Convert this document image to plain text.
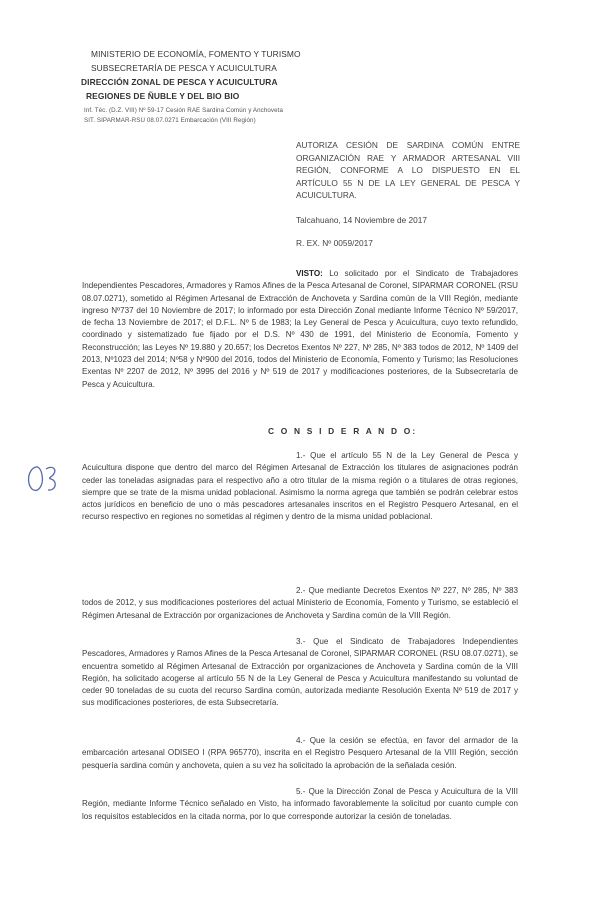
MINISTERIO DE ECONOMÍA, FOMENTO Y TURISMO
SUBSECRETARÍA DE PESCA Y ACUICULTURA
DIRECCIÓN ZONAL DE PESCA Y ACUICULTURA
REGIONES DE ÑUBLE Y DEL BIO BIO
Inf. Téc. (D.Z. VIII) Nº 59-17 Cesión RAE Sardina Común y Anchoveta
SIT. SIPARMAR-RSU 08.07.0271 Embarcación (VIII Región)
AUTORIZA CESIÓN DE SARDINA COMÚN ENTRE ORGANIZACIÓN RAE Y ARMADOR ARTESANAL VIII REGIÓN, CONFORME A LO DISPUESTO EN EL ARTÍCULO 55 N DE LA LEY GENERAL DE PESCA Y ACUICULTURA.
Talcahuano, 14 Noviembre de 2017
R. EX. Nº 0059/2017
VISTO: Lo solicitado por el Sindicato de Trabajadores Independientes Pescadores, Armadores y Ramos Afines de la Pesca Artesanal de Coronel, SIPARMAR CORONEL (RSU 08.07.0271), sometido al Régimen Artesanal de Extracción de Anchoveta y Sardina común de la VIII Región, mediante ingreso Nº737 del 10 Noviembre de 2017; lo informado por esta Dirección Zonal mediante Informe Técnico Nº 59/2017, de fecha 13 Noviembre de 2017; el D.F.L. Nº 5 de 1983; la Ley General de Pesca y Acuicultura, cuyo texto refundido, coordinado y sistematizado fue fijado por el D.S. Nº 430 de 1991, del Ministerio de Economía, Fomento y Reconstrucción; las Leyes Nº 19.880 y 20.657; los Decretos Exentos Nº 227, Nº 285, Nº 383 todos de 2012, Nº 1409 del 2013, Nº1023 del 2014; Nº58 y Nº900 del 2016, todos del Ministerio de Economía, Fomento y Turismo; las Resoluciones Exentas Nº 2207 de 2012, Nº 3995 del 2016 y Nº 519 de 2017 y modificaciones posteriores, de la Subsecretaría de Pesca y Acuicultura.
C O N S I D E R A N D O:
1.- Que el artículo 55 N de la Ley General de Pesca y Acuicultura dispone que dentro del marco del Régimen Artesanal de Extracción los titulares de asignaciones podrán ceder las toneladas asignadas para el respectivo año a otro titular de la misma región o a titulares de otras regiones, siempre que se trate de la misma unidad poblacional. Asimismo la norma agrega que también se podrán celebrar estos actos jurídicos en beneficio de uno o más pescadores artesanales inscritos en el Registro Pesquero Artesanal, en el recurso respectivo en regiones no sometidas al régimen y dentro de la misma unidad poblacional.
2.- Que mediante Decretos Exentos Nº 227, Nº 285, Nº 383 todos de 2012, y sus modificaciones posteriores del actual Ministerio de Economía, Fomento y Turismo, se estableció el Régimen Artesanal de Extracción por organizaciones de Anchoveta y Sardina común de la VIII Región.
3.- Que el Sindicato de Trabajadores Independientes Pescadores, Armadores y Ramos Afines de la Pesca Artesanal de Coronel, SIPARMAR CORONEL (RSU 08.07.0271), se encuentra sometido al Régimen Artesanal de Extracción por organizaciones de Anchoveta y Sardina común de la VIII Región, ha solicitado acogerse al artículo 55 N de la Ley General de Pesca y Acuicultura manifestando su voluntad de ceder 90 toneladas de su cuota del recurso Sardina común, autorizada mediante Resolución Exenta Nº 519 de 2017 y sus modificaciones posteriores, de esta Subsecretaría.
4.- Que la cesión se efectúa, en favor del armador de la embarcación artesanal ODISEO I (RPA 965770), inscrita en el Registro Pesquero Artesanal de la VIII Región, sección pesquería sardina común y anchoveta, quien a su vez ha solicitado la aprobación de la señalada cesión.
5.- Que la Dirección Zonal de Pesca y Acuicultura de la VIII Región, mediante Informe Técnico señalado en Visto, ha informado favorablemente la solicitud por cuanto cumple con los requisitos establecidos en la citada norma, por lo que corresponde autorizar la cesión de toneladas.
